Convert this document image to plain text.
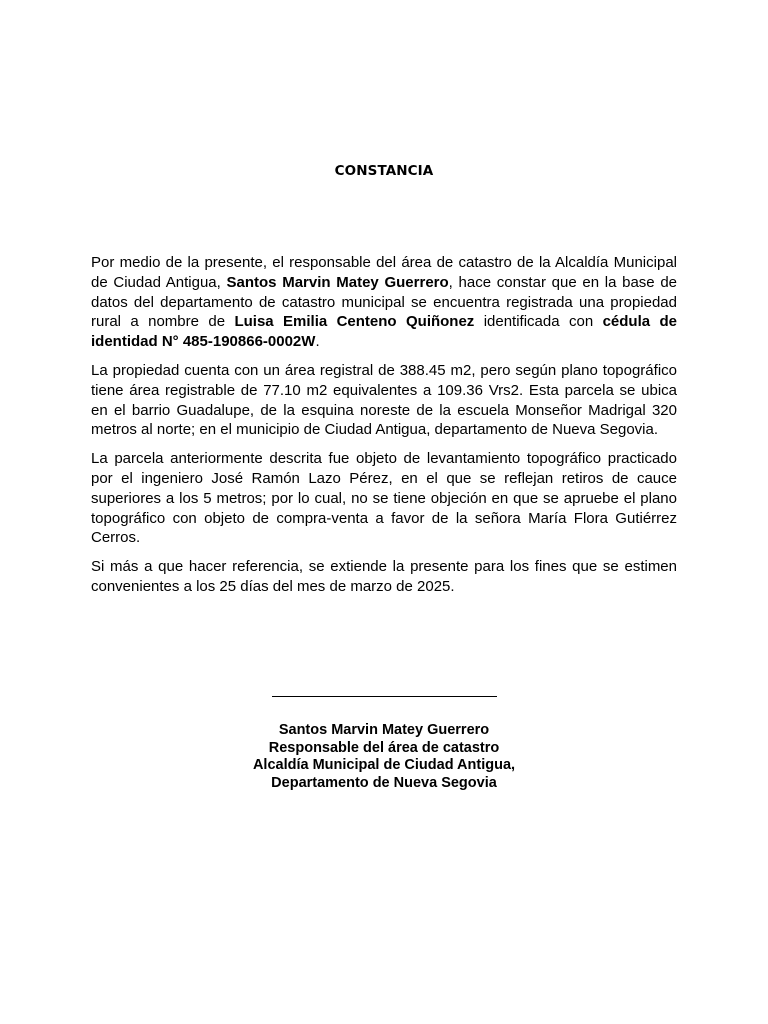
CONSTANCIA

Por medio de la presente, el responsable del área de catastro de la Alcaldía Municipal de Ciudad Antigua, Santos Marvin Matey Guerrero, hace constar que en la base de datos del departamento de catastro municipal se encuentra registrada una propiedad rural a nombre de Luisa Emilia Centeno Quiñonez identificada con cédula de identidad N° 485-190866-0002W.

La propiedad cuenta con un área registral de 388.45 m2, pero según plano topográfico tiene área registrable de 77.10 m2 equivalentes a 109.36 Vrs2. Esta parcela se ubica en el barrio Guadalupe, de la esquina noreste de la escuela Monseñor Madrigal 320 metros al norte; en el municipio de Ciudad Antigua, departamento de Nueva Segovia.

La parcela anteriormente descrita fue objeto de levantamiento topográfico practicado por el ingeniero José Ramón Lazo Pérez, en el que se reflejan retiros de cauce superiores a los 5 metros; por lo cual, no se tiene objeción en que se apruebe el plano topográfico con objeto de compra-venta a favor de la señora María Flora Gutiérrez Cerros.

Si más a que hacer referencia, se extiende la presente para los fines que se estimen convenientes a los 25 días del mes de marzo de 2025.

Santos Marvin Matey Guerrero
Responsable del área de catastro
Alcaldía Municipal de Ciudad Antigua,
Departamento de Nueva Segovia
